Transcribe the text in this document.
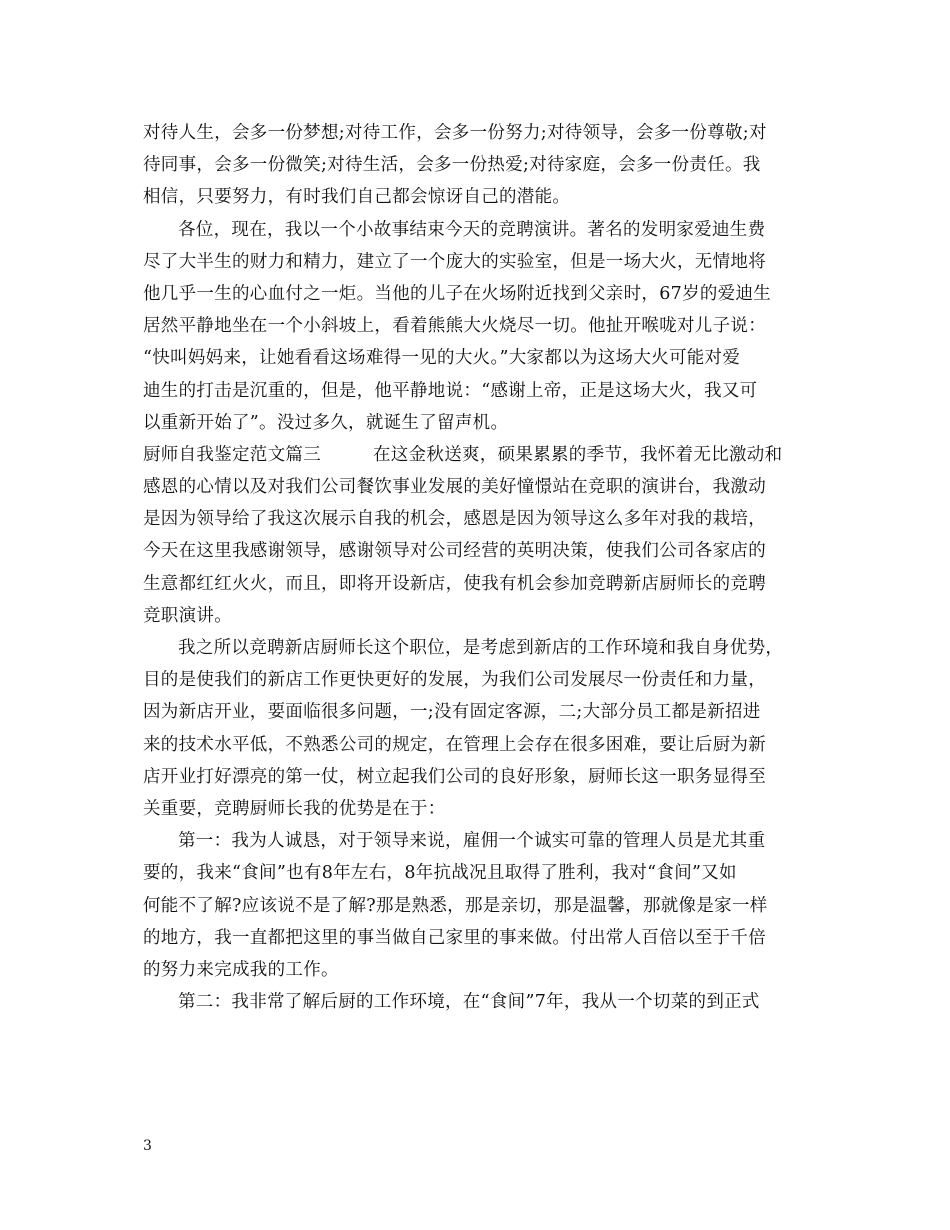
对待人生，会多一份梦想;对待工作，会多一份努力;对待领导，会多一份尊敬;对
待同事，会多一份微笑;对待生活，会多一份热爱;对待家庭，会多一份责任。我
相信，只要努力，有时我们自己都会惊讶自己的潜能。
各位，现在，我以一个小故事结束今天的竞聘演讲。著名的发明家爱迪生费
尽了大半生的财力和精力，建立了一个庞大的实验室，但是一场大火，无情地将
他几乎一生的心血付之一炬。当他的儿子在火场附近找到父亲时，67岁的爱迪生
居然平静地坐在一个小斜坡上，看着熊熊大火烧尽一切。他扯开喉咙对儿子说：
“快叫妈妈来，让她看看这场难得一见的大火。”大家都以为这场大火可能对爱
迪生的打击是沉重的，但是，他平静地说：“感谢上帝，正是这场大火，我又可
以重新开始了”。没过多久，就诞生了留声机。
厨师自我鉴定范文篇三	在这金秋送爽，硕果累累的季节，我怀着无比激动和
感恩的心情以及对我们公司餐饮事业发展的美好憧憬站在竞职的演讲台，我激动
是因为领导给了我这次展示自我的机会，感恩是因为领导这么多年对我的栽培，
今天在这里我感谢领导，感谢领导对公司经营的英明决策，使我们公司各家店的
生意都红红火火，而且，即将开设新店，使我有机会参加竞聘新店厨师长的竞聘
竞职演讲。
我之所以竞聘新店厨师长这个职位，是考虑到新店的工作环境和我自身优势，
目的是使我们的新店工作更快更好的发展，为我们公司发展尽一份责任和力量，
因为新店开业，要面临很多问题，一;没有固定客源，二;大部分员工都是新招进
来的技术水平低，不熟悉公司的规定，在管理上会存在很多困难，要让后厨为新
店开业打好漂亮的第一仗，树立起我们公司的良好形象，厨师长这一职务显得至
关重要，竞聘厨师长我的优势是在于：
第一：我为人诚恳，对于领导来说，雇佣一个诚实可靠的管理人员是尤其重
要的，我来“食间”也有8年左右，8年抗战况且取得了胜利，我对“食间”又如
何能不了解?应该说不是了解?那是熟悉，那是亲切，那是温馨，那就像是家一样
的地方，我一直都把这里的事当做自己家里的事来做。付出常人百倍以至于千倍
的努力来完成我的工作。
第二：我非常了解后厨的工作环境，在“食间”7年，我从一个切菜的到正式
3
